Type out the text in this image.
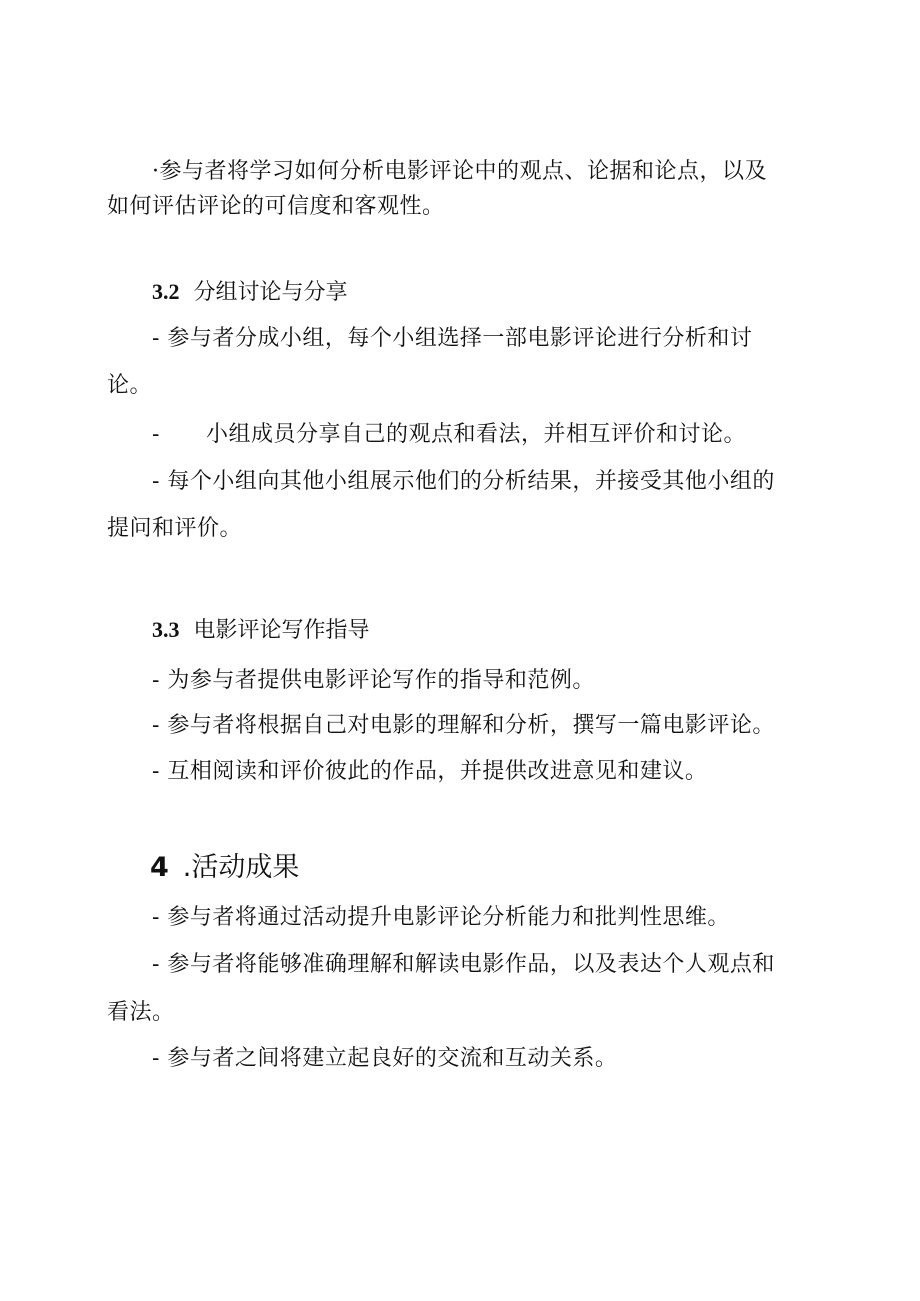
·参与者将学习如何分析电影评论中的观点、论据和论点，以及
如何评估评论的可信度和客观性。
3.2 分组讨论与分享
- 参与者分成小组，每个小组选择一部电影评论进行分析和讨
论。
- 小组成员分享自己的观点和看法，并相互评价和讨论。
- 每个小组向其他小组展示他们的分析结果，并接受其他小组的
提问和评价。
3.3 电影评论写作指导
- 为参与者提供电影评论写作的指导和范例。
- 参与者将根据自己对电影的理解和分析，撰写一篇电影评论。
- 互相阅读和评价彼此的作品，并提供改进意见和建议。
4 .活动成果
- 参与者将通过活动提升电影评论分析能力和批判性思维。
- 参与者将能够准确理解和解读电影作品，以及表达个人观点和
看法。
- 参与者之间将建立起良好的交流和互动关系。
